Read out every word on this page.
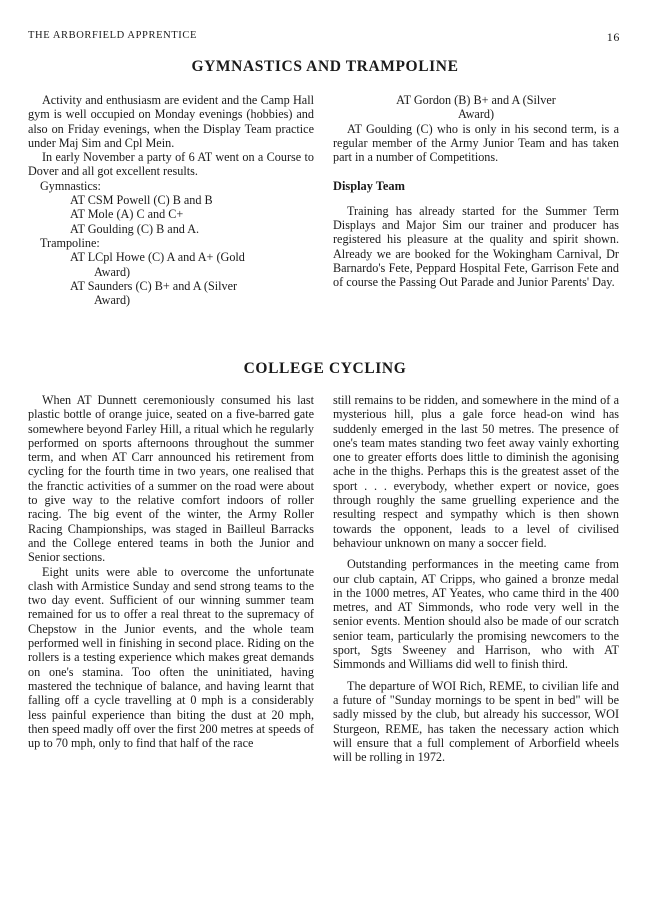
THE ARBORFIELD APPRENTICE	16
GYMNASTICS AND TRAMPOLINE

Activity and enthusiasm are evident and the Camp Hall gym is well occupied on Monday evenings (hobbies) and also on Friday evenings, when the Display Team practice under Maj Sim and Cpl Mein.

In early November a party of 6 AT went on a Course to Dover and all got excellent results.

Gymnastics:

AT CSM Powell (C) B and B

AT Mole (A) C and C+

AT Goulding (C) B and A.

Trampoline:

AT LCpl Howe (C) A and A+ (Gold

Award)

AT Saunders (C) B+ and A (Silver

Award)

AT Gordon (B) B+ and A (Silver

Award)

AT Goulding (C) who is only in his second term, is a regular member of the Army Junior Team and has taken part in a number of Competitions.

Display Team

Training has already started for the Summer Term Displays and Major Sim our trainer and producer has registered his pleasure at the quality and spirit shown. Already we are booked for the Wokingham Carnival, Dr Barnardo's Fete, Peppard Hospital Fete, Garrison Fete and of course the Passing Out Parade and Junior Parents' Day.

COLLEGE CYCLING

When AT Dunnett ceremoniously consumed his last plastic bottle of orange juice, seated on a five-barred gate somewhere beyond Farley Hill, a ritual which he regularly performed on sports afternoons throughout the summer term, and when AT Carr announced his retirement from cycling for the fourth time in two years, one realised that the franctic activities of a summer on the road were about to give way to the relative comfort indoors of roller racing. The big event of the winter, the Army Roller Racing Championships, was staged in Bailleul Barracks and the College entered teams in both the Junior and Senior sections.

Eight units were able to overcome the unfortunate clash with Armistice Sunday and send strong teams to the two day event. Sufficient of our winning summer team remained for us to offer a real threat to the supremacy of Chepstow in the Junior events, and the whole team performed well in finishing in second place. Riding on the rollers is a testing experience which makes great demands on one's stamina. Too often the uninitiated, having mastered the technique of balance, and having learnt that falling off a cycle travelling at 0 mph is a considerably less painful experience than biting the dust at 20 mph, then speed madly off over the first 200 metres at speeds of up to 70 mph, only to find that half of the race

still remains to be ridden, and somewhere in the mind of a mysterious hill, plus a gale force head-on wind has suddenly emerged in the last 50 metres. The presence of one's team mates standing two feet away vainly exhorting one to greater efforts does little to diminish the agonising ache in the thighs. Perhaps this is the greatest asset of the sport . . . everybody, whether expert or novice, goes through roughly the same gruelling experience and the resulting respect and sympathy which is then shown towards the opponent, leads to a level of civilised behaviour unknown on many a soccer field.

Outstanding performances in the meeting came from our club captain, AT Cripps, who gained a bronze medal in the 1000 metres, AT Yeates, who came third in the 400 metres, and AT Simmonds, who rode very well in the senior events. Mention should also be made of our scratch senior team, particularly the promising newcomers to the sport, Sgts Sweeney and Harrison, who with AT Simmonds and Williams did well to finish third.

The departure of WOI Rich, REME, to civilian life and a future of "Sunday mornings to be spent in bed" will be sadly missed by the club, but already his successor, WOI Sturgeon, REME, has taken the necessary action which will ensure that a full complement of Arborfield wheels will be rolling in 1972.
